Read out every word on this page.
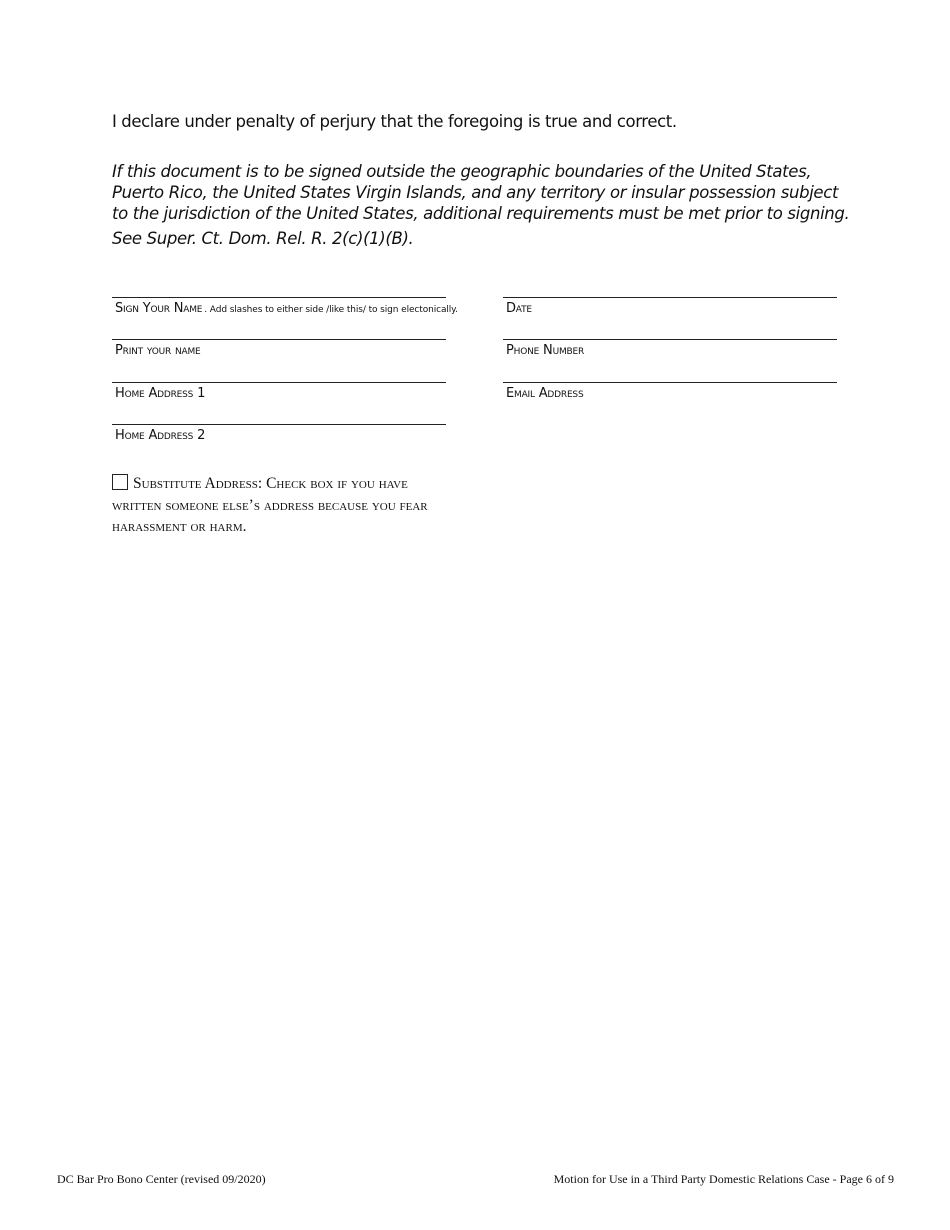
I declare under penalty of perjury that the foregoing is true and correct.

If this document is to be signed outside the geographic boundaries of the United States, Puerto Rico, the United States Virgin Islands, and any territory or insular possession subject to the jurisdiction of the United States, additional requirements must be met prior to signing.

See Super. Ct. Dom. Rel. R. 2(c)(1)(B).

Sign Your Name . Add slashes to either side /like this/ to sign electonically.
Print your name
Home Address 1
Home Address 2
Date
Phone Number
Email Address
Substitute Address: Check box if you have written someone else’s address because you fear harassment or harm.
DC Bar Pro Bono Center (revised 09/2020)	Motion for Use in a Third Party Domestic Relations Case - Page 6 of 9
